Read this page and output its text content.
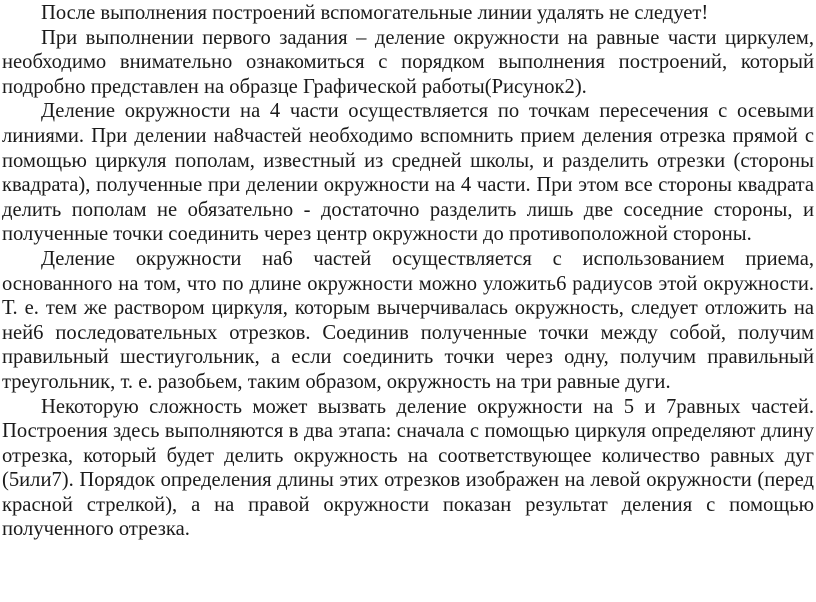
После выполнения построений вспомогательные линии удалять не следует!

При выполнении первого задания – деление окружности на равные части циркулем, необходимо внимательно ознакомиться с порядком выполнения построений, который подробно представлен на образце Графической работы(Рисунок2).

Деление окружности на 4 части осуществляется по точкам пересечения с осевыми линиями. При делении на8частей необходимо вспомнить прием деления отрезка прямой с помощью циркуля пополам, известный из средней школы, и разделить отрезки (стороны квадрата), полученные при делении окружности на 4 части. При этом все стороны квадрата делить пополам не обязательно - достаточно разделить лишь две соседние стороны, и полученные точки соединить через центр окружности до противоположной стороны.

Деление окружности на6 частей осуществляется с использованием приема, основанного на том, что по длине окружности можно уложить6 радиусов этой окружности. Т. е. тем же раствором циркуля, которым вычерчивалась окружность, следует отложить на ней6 последовательных отрезков. Соединив полученные точки между собой, получим правильный шестиугольник, а если соединить точки через одну, получим правильный треугольник, т. е. разобьем, таким образом, окружность на три равные дуги.

Некоторую сложность может вызвать деление окружности на 5 и 7равных частей. Построения здесь выполняются в два этапа: сначала с помощью циркуля определяют длину отрезка, который будет делить окружность на соответствующее количество равных дуг (5или7). Порядок определения длины этих отрезков изображен на левой окружности (перед красной стрелкой), а на правой окружности показан результат деления с помощью полученного отрезка.
